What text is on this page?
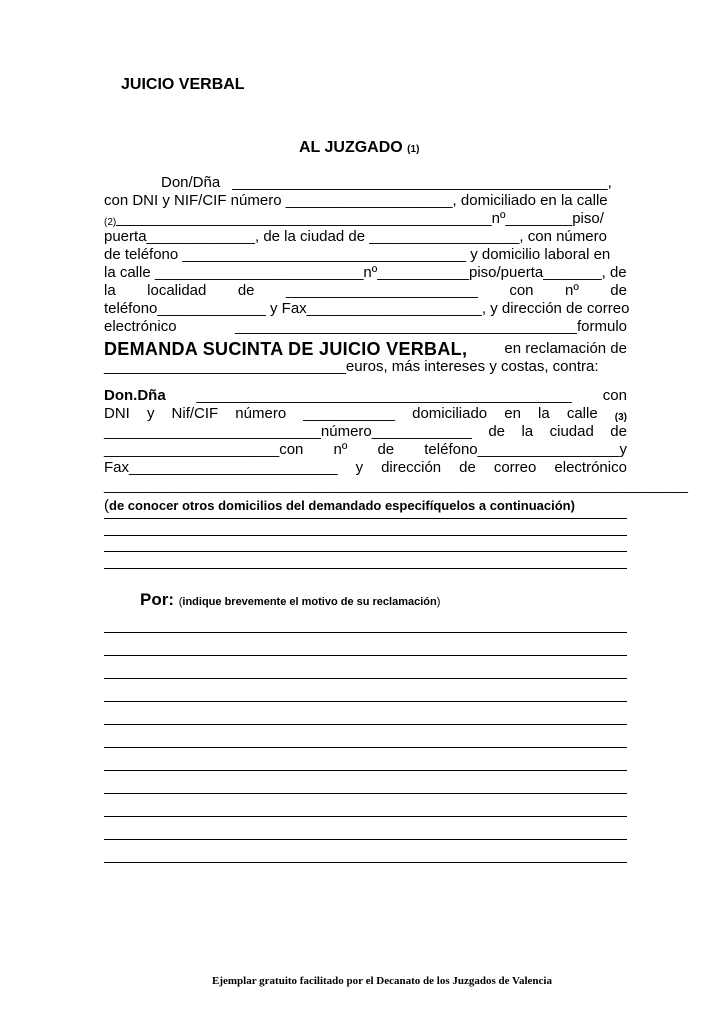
JUICIO VERBAL
AL JUZGADO (1)
Don/Dña _____________________________________________,
con DNI y NIF/CIF número ____________________, domiciliado en la calle
(2) _____________________________________________nº________piso/
puerta_____________, de la ciudad de __________________, con número
de teléfono __________________________________ y domicilio laboral en
la calle _________________________nº___________piso/puerta_______, de
la localidad de _______________________ con nº de
teléfono_____________ y Fax_____________________, y dirección de correo
electrónico	_________________________________________formulo
DEMANDA SUCINTA DE JUICIO VERBAL, en reclamación de
_____________________________euros, más intereses y costas, contra:
Don.Dña _____________________________________________ con
DNI y Nif/CIF número ___________ domiciliado en la calle (3)
__________________________número____________ de la ciudad de
_____________________con nº de teléfono_________________y
Fax_________________________ y dirección de correo electrónico
______________________________________________________________________
( de conocer otros domicilios del demandado especifíquelos a continuación)
Por: (indique brevemente el motivo de su reclamación)
Ejemplar gratuito facilitado por el Decanato de los Juzgados de Valencia
